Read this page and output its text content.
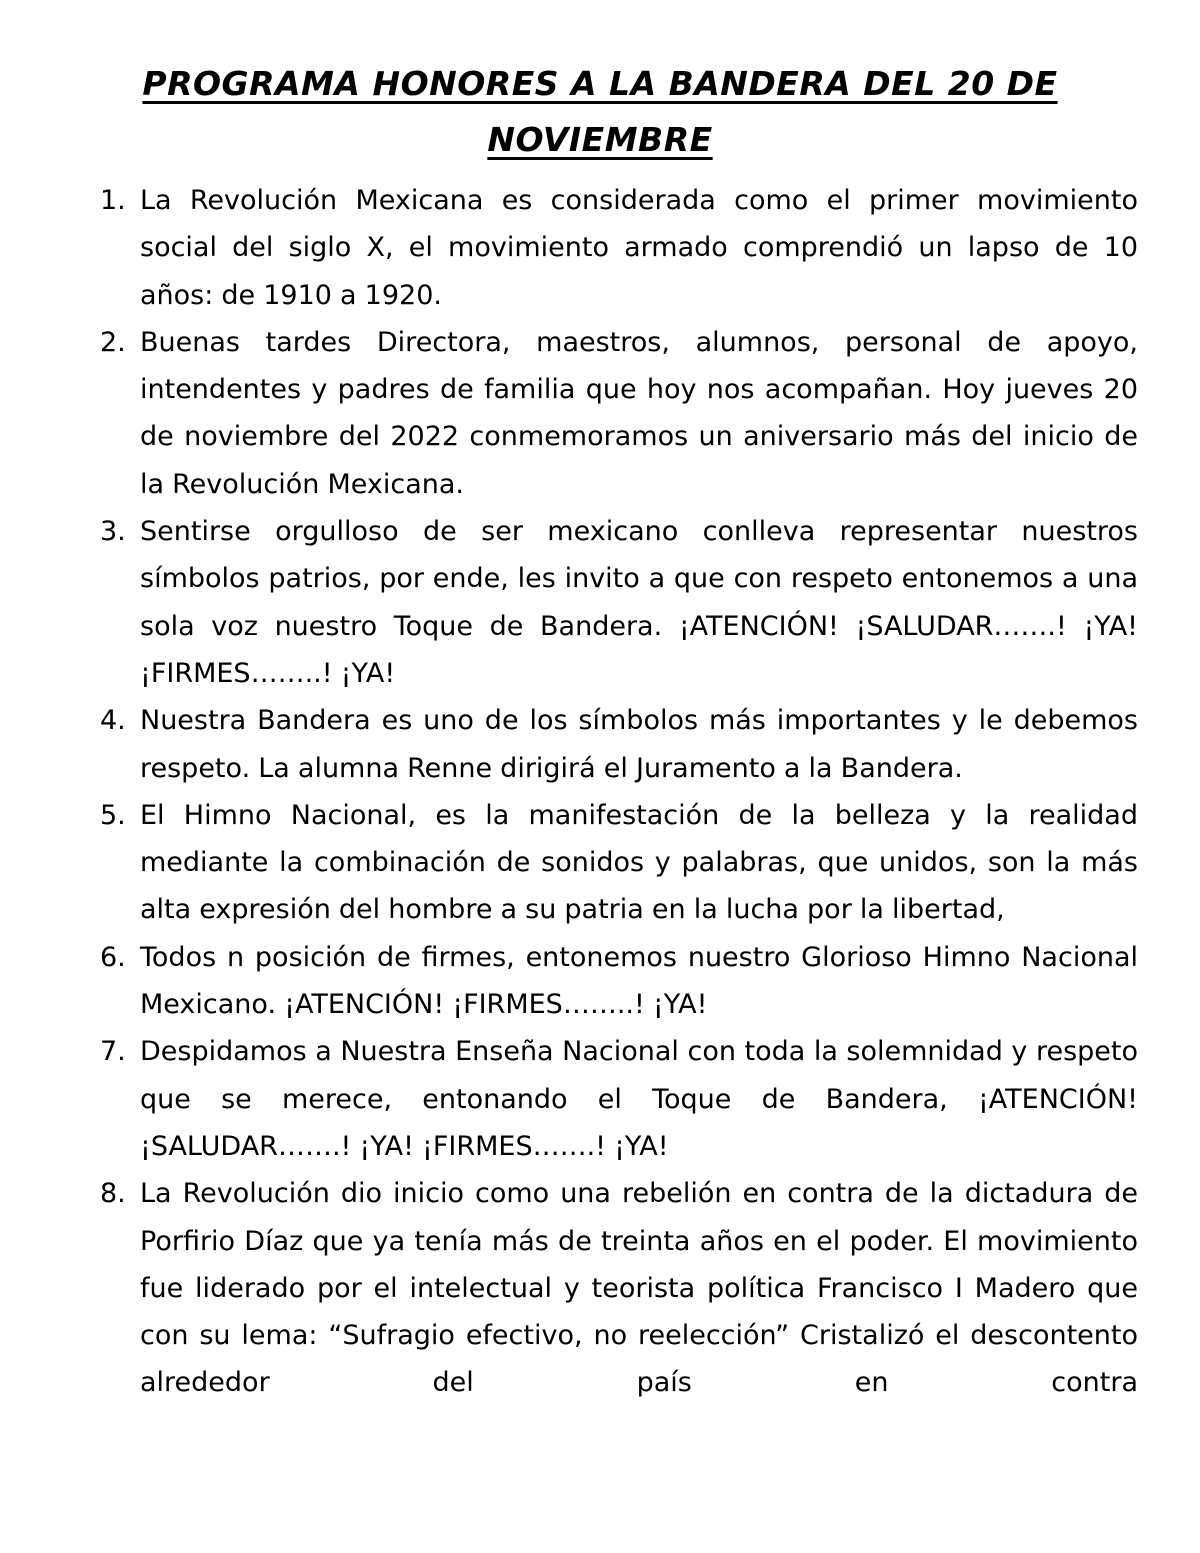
PROGRAMA HONORES A LA BANDERA DEL 20 DE
NOVIEMBRE
1. La Revolución Mexicana es considerada como el primer movimiento social del siglo X, el movimiento armado comprendió un lapso de 10 años: de 1910 a 1920.
2. Buenas tardes Directora, maestros, alumnos, personal de apoyo, intendentes y padres de familia que hoy nos acompañan. Hoy jueves 20 de noviembre del 2022 conmemoramos un aniversario más del inicio de la Revolución Mexicana.
3. Sentirse orgulloso de ser mexicano conlleva representar nuestros símbolos patrios, por ende, les invito a que con respeto entonemos a una sola voz nuestro Toque de Bandera. ¡ATENCIÓN! ¡SALUDAR…….! ¡YA! ¡FIRMES……..! ¡YA!
4. Nuestra Bandera es uno de los símbolos más importantes y le debemos respeto. La alumna Renne dirigirá el Juramento a la Bandera.
5. El Himno Nacional, es la manifestación de la belleza y la realidad mediante la combinación de sonidos y palabras, que unidos, son la más alta expresión del hombre a su patria en la lucha por la libertad,
6. Todos n posición de firmes, entonemos nuestro Glorioso Himno Nacional Mexicano. ¡ATENCIÓN! ¡FIRMES……..! ¡YA!
7. Despidamos a Nuestra Enseña Nacional con toda la solemnidad y respeto que se merece, entonando el Toque de Bandera, ¡ATENCIÓN! ¡SALUDAR…….! ¡YA! ¡FIRMES…….! ¡YA!
8. La Revolución dio inicio como una rebelión en contra de la dictadura de Porfirio Díaz que ya tenía más de treinta años en el poder. El movimiento fue liderado por el intelectual y teorista política Francisco I Madero que con su lema: “Sufragio efectivo, no reelección” Cristalizó el descontento alrededor del país en contra
